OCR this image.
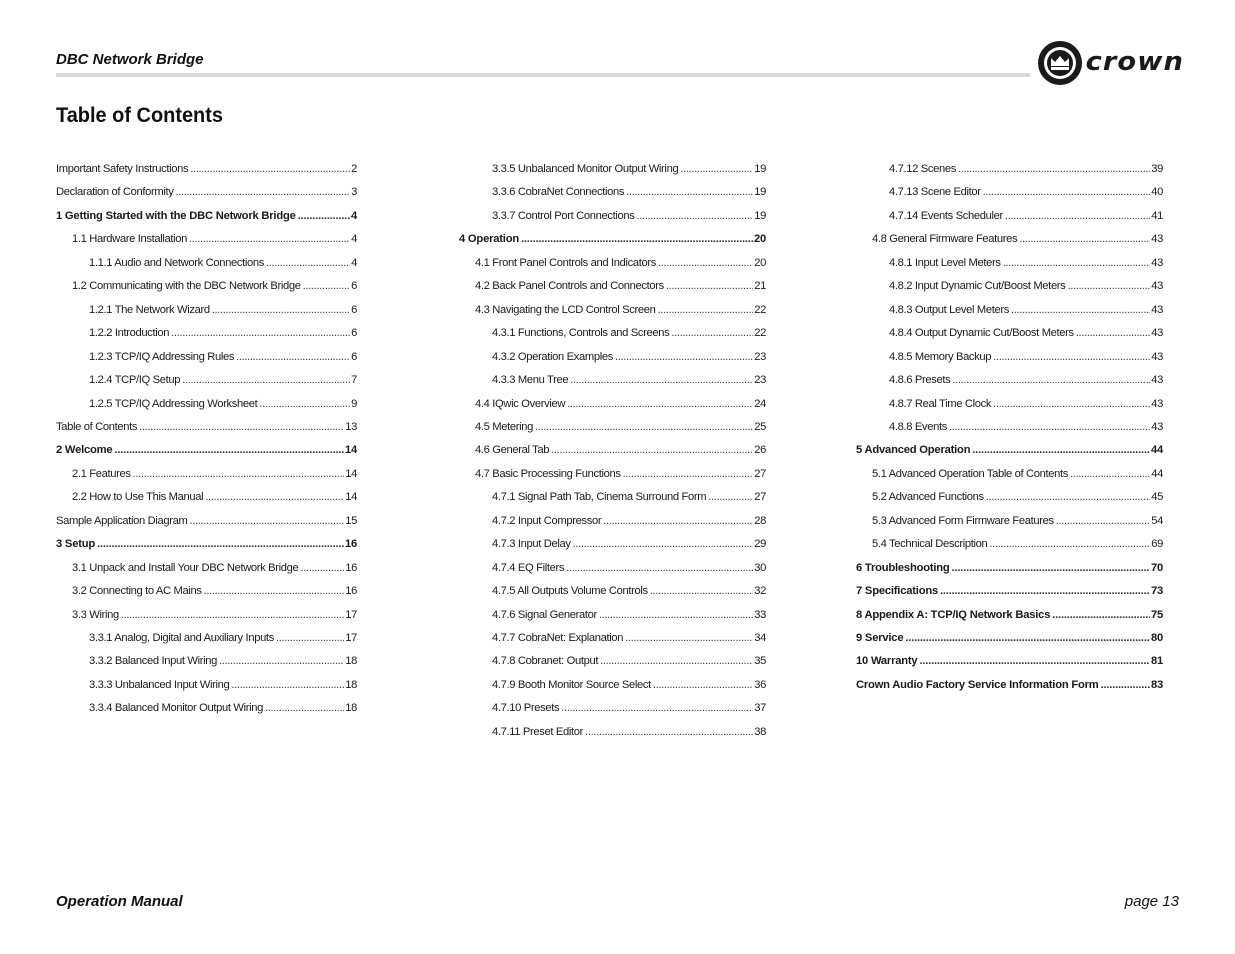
DBC Network Bridge	crown
Table of Contents
Important Safety Instructions .....	2
Declaration of Conformity .....	3
1 Getting Started with the DBC Network Bridge .....	4
1.1 Hardware Installation .....	4
1.1.1 Audio and Network Connections .....	4
1.2 Communicating with the DBC Network Bridge .....	6
1.2.1 The Network Wizard .....	6
1.2.2 Introduction .....	6
1.2.3 TCP/IQ Addressing Rules .....	6
1.2.4 TCP/IQ Setup .....	7
1.2.5 TCP/IQ Addressing Worksheet .....	9
Table of Contents .....	13
2 Welcome .....	14
2.1 Features .....	14
2.2 How to Use This Manual .....	14
Sample Application Diagram .....	15
3 Setup .....	16
3.1 Unpack and Install Your DBC Network Bridge .....	16
3.2 Connecting to AC Mains .....	16
3.3 Wiring .....	17
3.3.1 Analog, Digital and Auxiliary Inputs .....	17
3.3.2 Balanced Input Wiring .....	18
3.3.3 Unbalanced Input Wiring .....	18
3.3.4 Balanced Monitor Output Wiring .....	18
3.3.5 Unbalanced Monitor Output Wiring .....	19
3.3.6 CobraNet Connections .....	19
3.3.7 Control Port Connections .....	19
4 Operation .....	20
4.1 Front Panel Controls and Indicators .....	20
4.2 Back Panel Controls and Connectors .....	21
4.3 Navigating the LCD Control Screen .....	22
4.3.1 Functions, Controls and Screens .....	22
4.3.2 Operation Examples .....	23
4.3.3 Menu Tree .....	23
4.4 IQwic Overview .....	24
4.5 Metering .....	25
4.6 General Tab .....	26
4.7 Basic Processing Functions .....	27
4.7.1 Signal Path Tab, Cinema Surround Form .....	27
4.7.2 Input Compressor .....	28
4.7.3 Input Delay .....	29
4.7.4 EQ Filters .....	30
4.7.5 All Outputs Volume Controls .....	32
4.7.6 Signal Generator .....	33
4.7.7 CobraNet: Explanation .....	34
4.7.8 Cobranet: Output .....	35
4.7.9 Booth Monitor Source Select .....	36
4.7.10 Presets .....	37
4.7.11 Preset Editor .....	38
4.7.12 Scenes .....	39
4.7.13 Scene Editor .....	40
4.7.14 Events Scheduler .....	41
4.8 General Firmware Features .....	43
4.8.1 Input Level Meters .....	43
4.8.2 Input Dynamic Cut/Boost Meters .....	43
4.8.3 Output Level Meters .....	43
4.8.4 Output Dynamic Cut/Boost Meters .....	43
4.8.5 Memory Backup .....	43
4.8.6 Presets .....	43
4.8.7 Real Time Clock .....	43
4.8.8 Events .....	43
5 Advanced Operation .....	44
5.1 Advanced Operation Table of Contents .....	44
5.2 Advanced Functions .....	45
5.3 Advanced Form Firmware Features .....	54
5.4 Technical Description .....	69
6 Troubleshooting .....	70
7 Specifications .....	73
8 Appendix A: TCP/IQ Network Basics .....	75
9 Service .....	80
10 Warranty .....	81
Crown Audio Factory Service Information Form .....	83
Operation Manual	page 13
